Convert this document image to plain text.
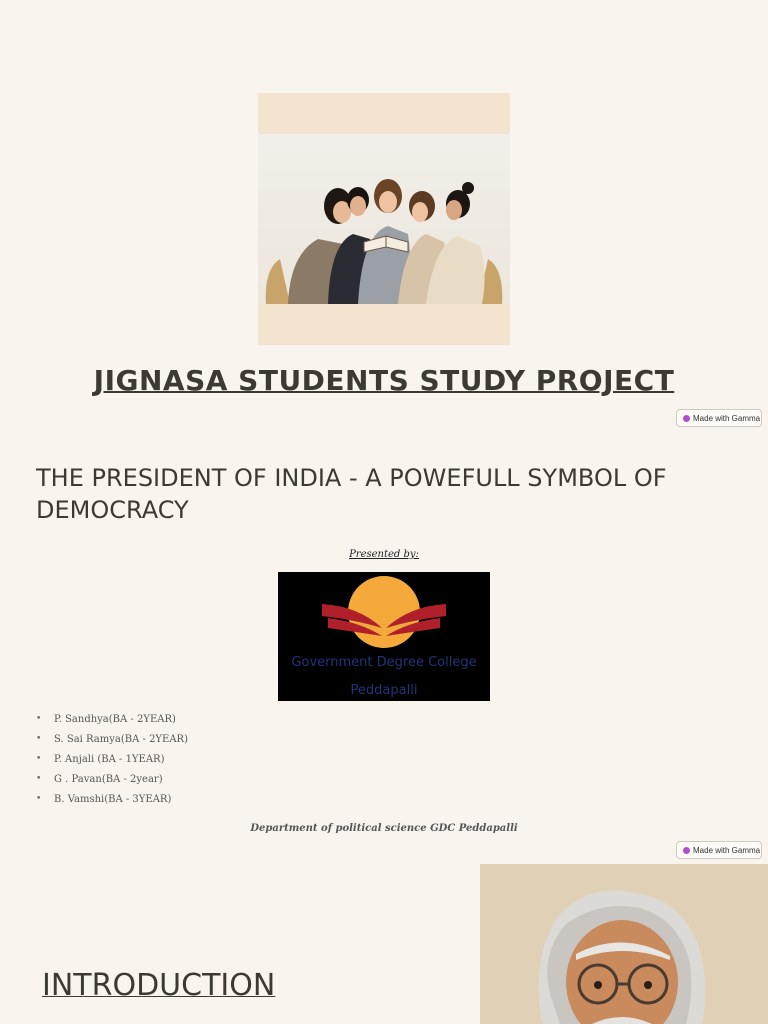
JIGNASA STUDENTS STUDY PROJECT
Made with Gamma
THE PRESIDENT OF INDIA - A POWEFULL SYMBOL OF DEMOCRACY
Presented by:
Government Degree College
Peddapalli
• P. Sandhya(BA - 2YEAR)
• S. Sai Ramya(BA - 2YEAR)
• P. Anjali (BA - 1YEAR)
• G . Pavan(BA - 2year)
• B. Vamshi(BA - 3YEAR)
Department of political science GDC Peddapalli
Made with Gamma
INTRODUCTION
